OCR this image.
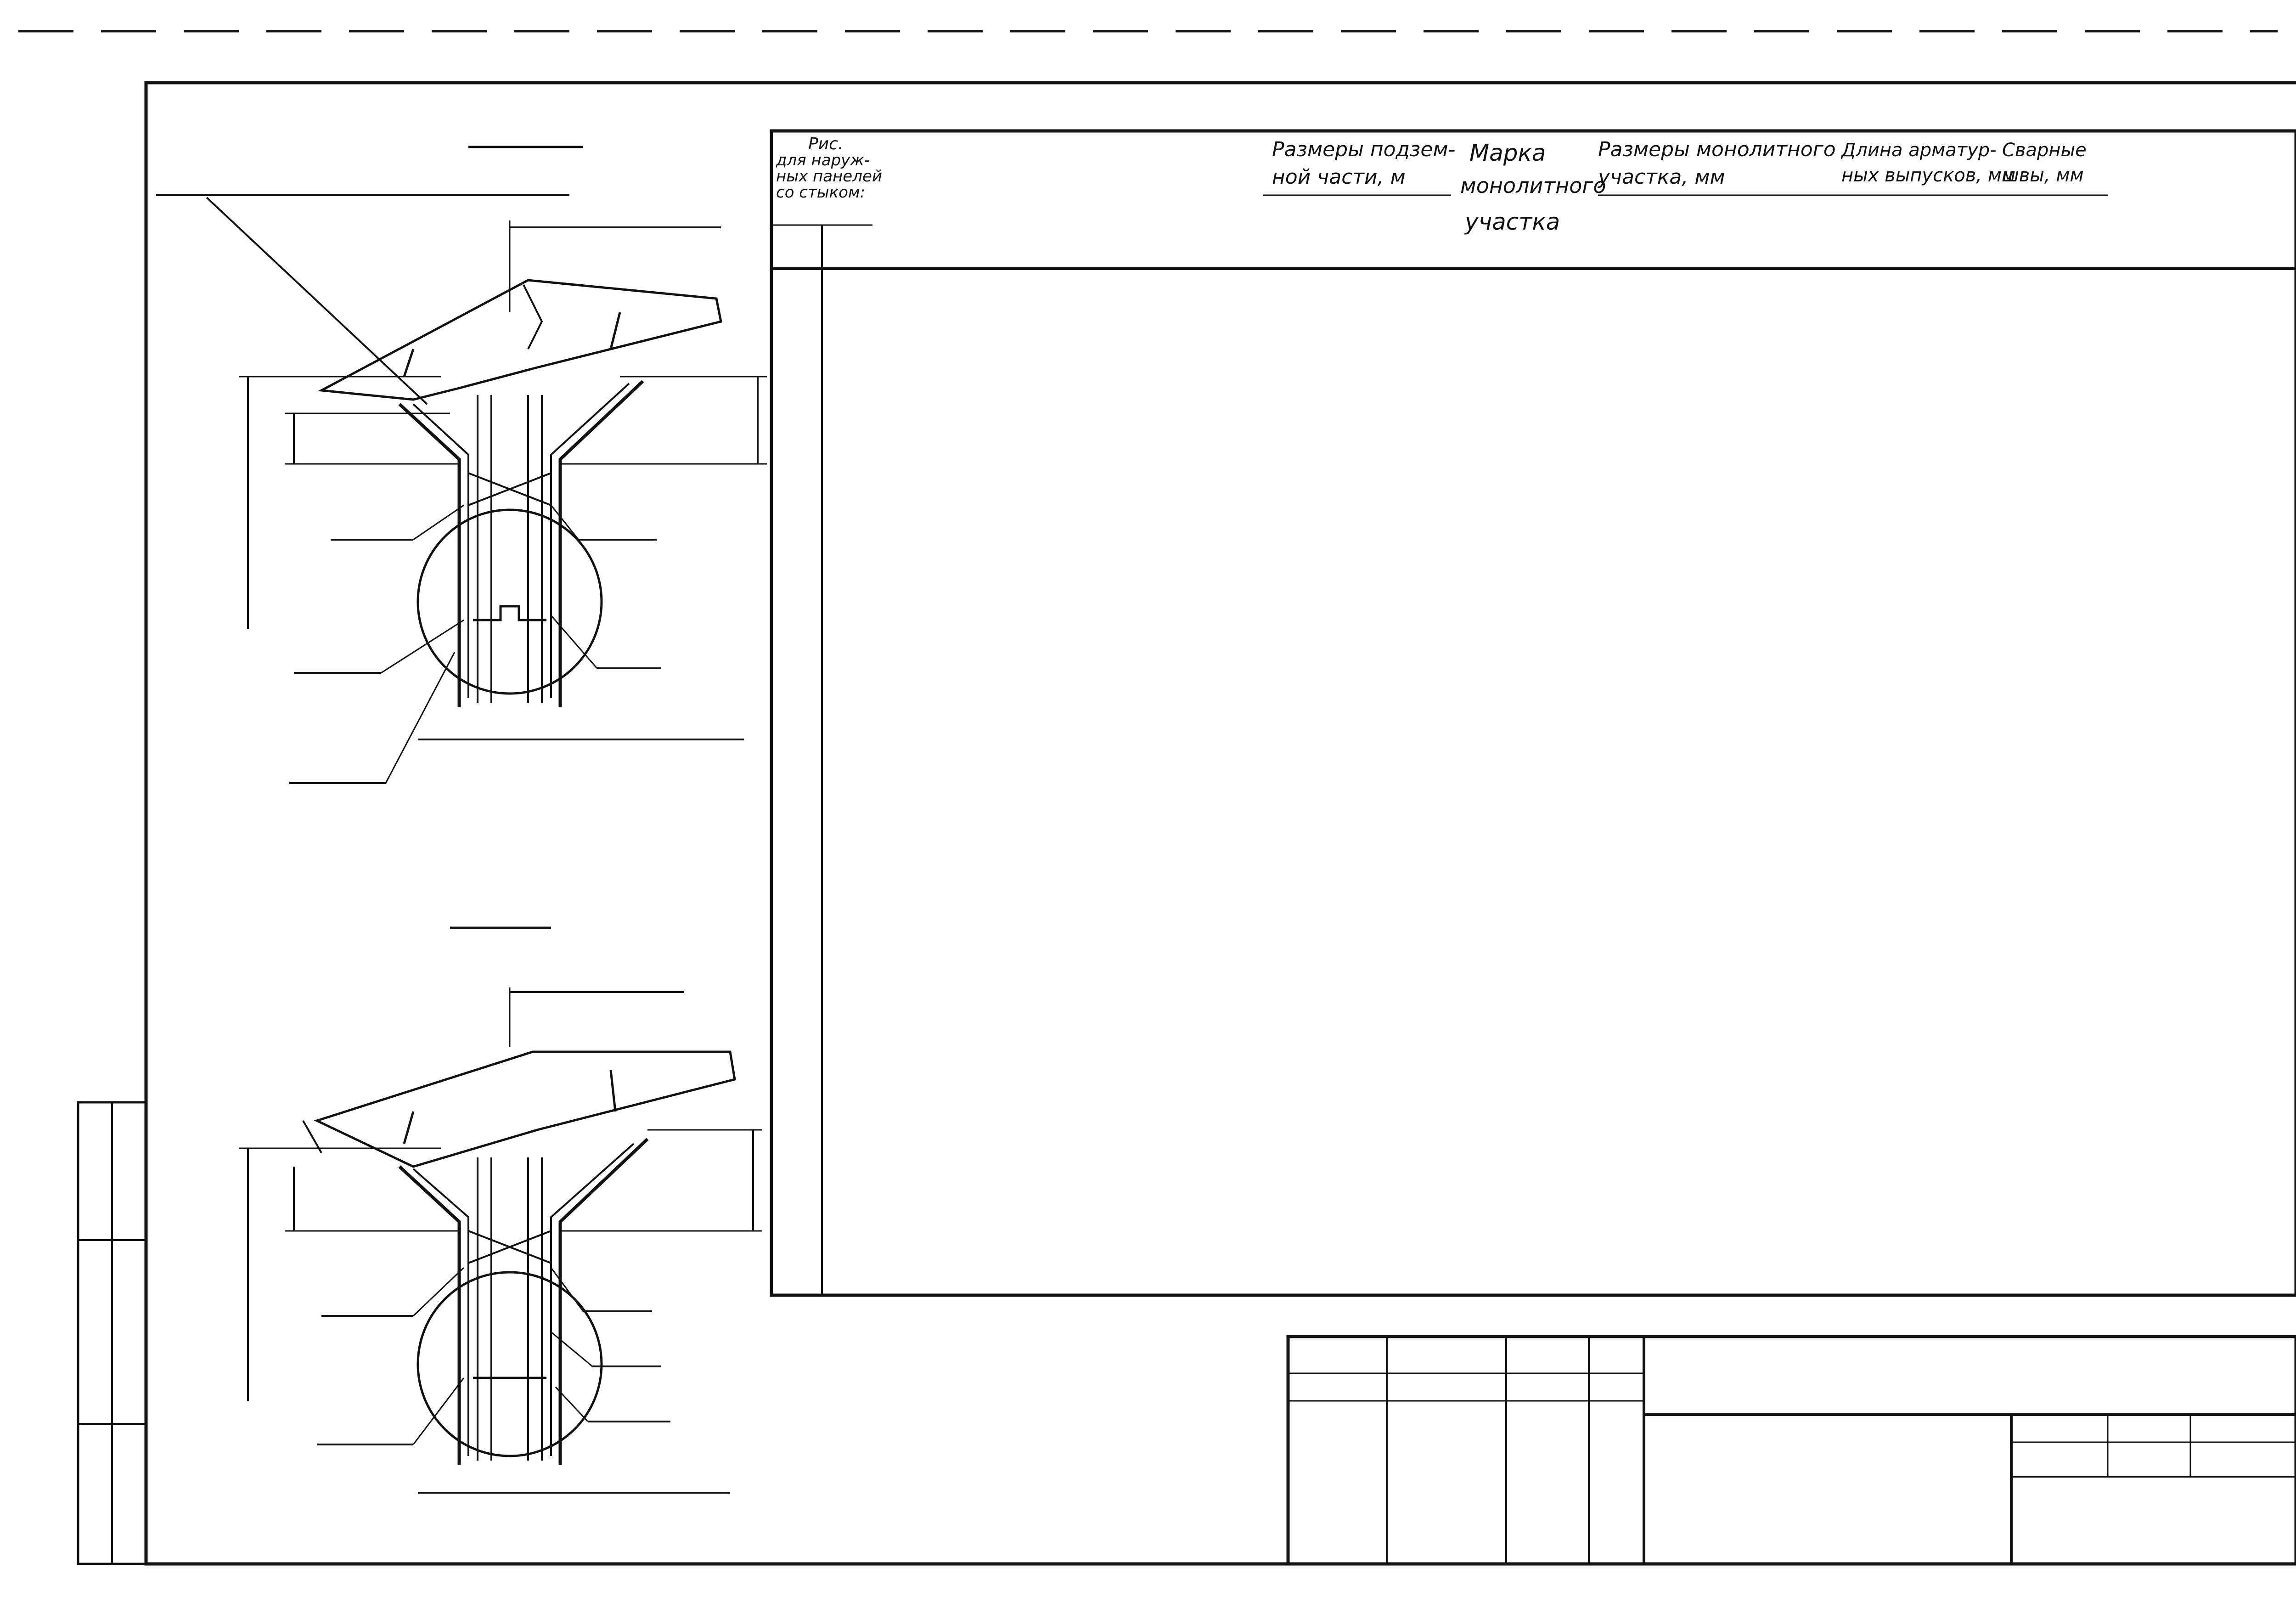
Рис.
для наруж-
ных панелей
со стыком:
Размеры подзем-
ной части, м
Марка
монолитного
участка
Размеры монолитного
участка, мм
Длина арматур-
ных выпусков, мм
Сварные
швы, мм
